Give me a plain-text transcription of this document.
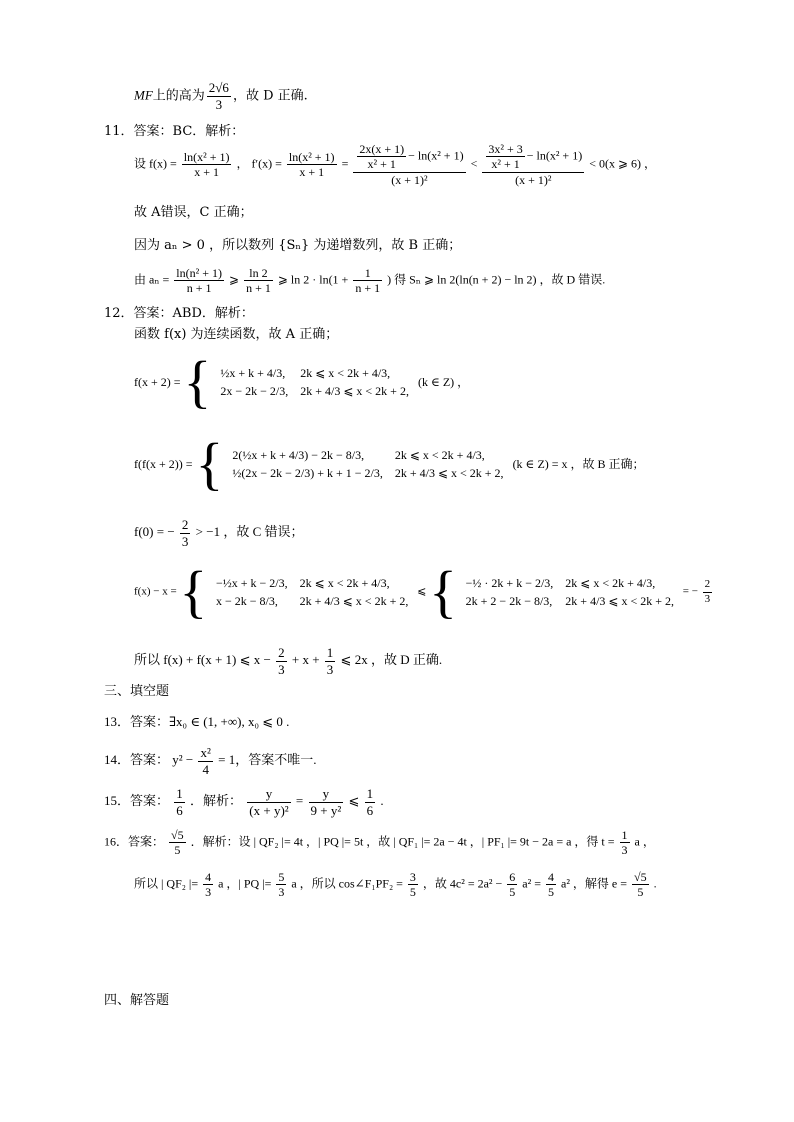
MF上的高为 $\frac{2√6}{3}$ ，故 D 正确.
11．答案：BC．解析：
设 $f(x) = \frac{\text{ln(x² + 1)}}{x + 1}$ ， $f'(x) = \frac{\text{ln(x² + 1)}}{x + 1} = \frac{\frac{2x(x + 1)}{\text{x² + 1}} - \ln(x^2 + 1)}{\text{(x + 1)²}} < \frac{\frac{\text{3x² + 3}}{\text{x² + 1}} - \ln(x^2 + 1)}{\text{(x + 1)²}} < 0(x$ ⩾ 6) ，
故 A错误，C 正确；
因为 aₙ > 0 ，所以数列 {Sₙ} 为递增数列，故 B 正确；
由 $a_n = \frac{\text{ln(n² + 1)}}{n + 1}$ ⩾ $\frac{\ln 2}{n + 1}$ ⩾ $\ln 2 \cdot \ln(1 + \frac{1}{n + 1}$ ) 得 Sₙ ⩾ ln 2(ln(n + 2) − ln 2) ，故 D 错误.
12．答案：ABD．解析：
函数 f(x) 为连续函数，故 A 正确；
f(x + 2) = { ½x + k + 4/3,	2k ⩽ x < 2k + 4/3,
2x − 2k − 2/3,	2k + 4/3 ⩽ x < 2k + 2,
(k ∈ Z) ，
f(f(x + 2)) = { 2(½x + k + 4/3) − 2k − 8/3,	2k ⩽ x < 2k + 4/3,
½(2x − 2k − 2/3) + k + 1 − 2/3,	2k + 4/3 ⩽ x < 2k + 2,
(k ∈ Z) = x ，故 B 正确；
f(0) = − $\frac{2}{3} > -1$ ，故 C 错误；
f(x) − x = { −½x + k − 2/3,	2k ⩽ x < 2k + 4/3,
x − 2k − 8/3,	2k + 4/3 ⩽ x < 2k + 2,
⩽ { −½ · 2k + k − 2/3,	2k ⩽ x < 2k + 4/3,
2k + 2 − 2k − 8/3,	2k + 4/3 ⩽ x < 2k + 2,
= − $\frac{2}{3}$
所以 f(x) + f(x + 1) ⩽ $x - \frac{2}{3} + x + \frac{1}{3}$ ⩽ 2x ，故 D 正确.
三、填空题
13．答案：∃x₀ ∈ (1, +∞), x₀ ⩽ 0 .
14．答案： $y^2 - \frac{\text{x²}}{4} = 1$，答案不唯一.
15．答案： $\frac{1}{6}$ ．解析： $\frac{y}{\text{(x + y)²}} = \frac{y}{\text{9 + y²}}$ ⩽ $\frac{1}{6}$ .
16．答案： $\frac{√5}{5}$ ．解析：设 | QF₂ |= 4t ，| PQ |= 5t ，故 | QF₁ |= 2a − 4t ，| PF₁ |= 9t − 2a = a ，得 $t = \frac{1}{3}$ a ，
所以 | QF₂ |= $\frac{4}{3}$ a ，| PQ |= $\frac{5}{3}$ a ，所以 cos∠F₁PF₂ = $\frac{3}{5}$ ，故 $4c^2 = 2a^2 - \frac{6}{5} a^2 = \frac{4}{5} a^2$ ，解得 $e = \frac{√5}{5}$ .
四、解答题
